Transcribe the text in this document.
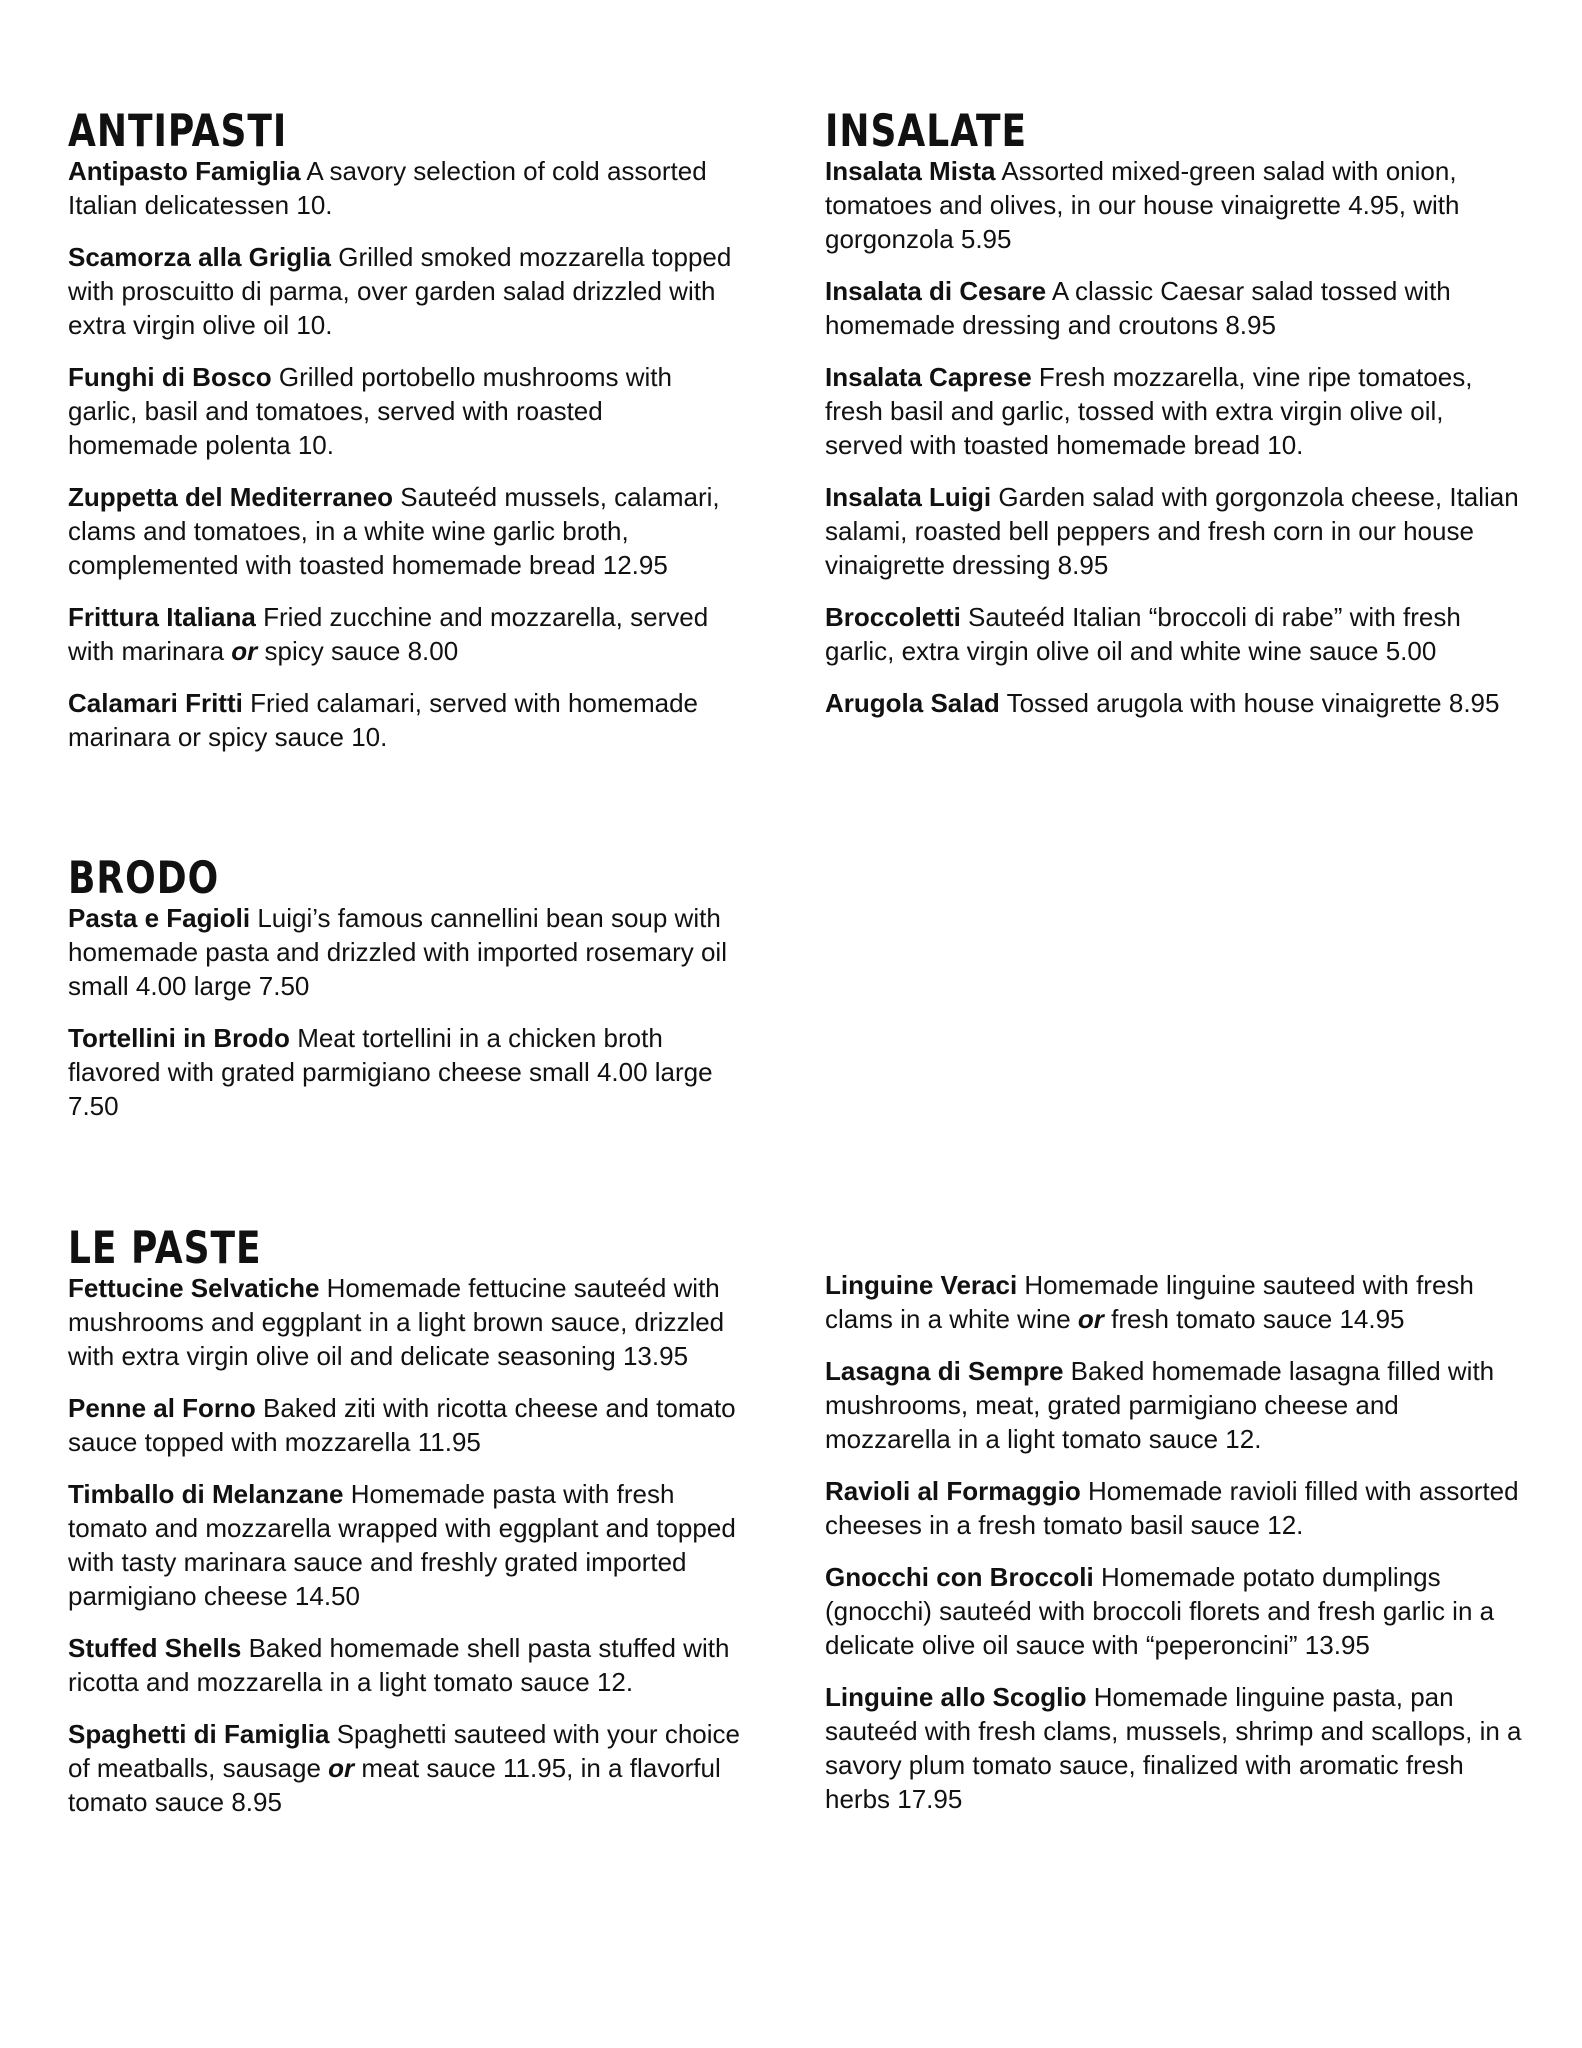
ANTIPASTI

Antipasto Famiglia A savory selection of cold assorted Italian delicatessen 10.

Scamorza alla Griglia Grilled smoked mozzarella topped with proscuitto di parma, over garden salad drizzled with extra virgin olive oil 10.

Funghi di Bosco Grilled portobello mushrooms with garlic, basil and tomatoes, served with roasted homemade polenta 10.

Zuppetta del Mediterraneo Sauteéd mussels, calamari, clams and tomatoes, in a white wine garlic broth, complemented with toasted homemade bread 12.95

Frittura Italiana Fried zucchine and mozzarella, served with marinara or spicy sauce 8.00

Calamari Fritti Fried calamari, served with homemade marinara or spicy sauce 10.

INSALATE

Insalata Mista Assorted mixed-green salad with onion, tomatoes and olives, in our house vinaigrette 4.95, with gorgonzola 5.95

Insalata di Cesare A classic Caesar salad tossed with homemade dressing and croutons 8.95

Insalata Caprese Fresh mozzarella, vine ripe tomatoes, fresh basil and garlic, tossed with extra virgin olive oil, served with toasted homemade bread 10.

Insalata Luigi Garden salad with gorgonzola cheese, Italian salami, roasted bell peppers and fresh corn in our house vinaigrette dressing 8.95

Broccoletti Sauteéd Italian “broccoli di rabe” with fresh garlic, extra virgin olive oil and white wine sauce 5.00

Arugola Salad Tossed arugola with house vinaigrette 8.95

BRODO

Pasta e Fagioli Luigi’s famous cannellini bean soup with homemade pasta and drizzled with imported rosemary oil small 4.00 large 7.50

Tortellini in Brodo Meat tortellini in a chicken broth flavored with grated parmigiano cheese small 4.00 large 7.50

LE PASTE

Fettucine Selvatiche Homemade fettucine sauteéd with mushrooms and eggplant in a light brown sauce, drizzled with extra virgin olive oil and delicate seasoning 13.95

Penne al Forno Baked ziti with ricotta cheese and tomato sauce topped with mozzarella 11.95

Timballo di Melanzane Homemade pasta with fresh tomato and mozzarella wrapped with eggplant and topped with tasty marinara sauce and freshly grated imported parmigiano cheese 14.50

Stuffed Shells Baked homemade shell pasta stuffed with ricotta and mozzarella in a light tomato sauce 12.

Spaghetti di Famiglia Spaghetti sauteed with your choice of meatballs, sausage or meat sauce 11.95, in a flavorful tomato sauce 8.95

Linguine Veraci Homemade linguine sauteed with fresh clams in a white wine or fresh tomato sauce 14.95

Lasagna di Sempre Baked homemade lasagna filled with mushrooms, meat, grated parmigiano cheese and mozzarella in a light tomato sauce 12.

Ravioli al Formaggio Homemade ravioli filled with assorted cheeses in a fresh tomato basil sauce 12.

Gnocchi con Broccoli Homemade potato dumplings (gnocchi) sauteéd with broccoli florets and fresh garlic in a delicate olive oil sauce with “peperoncini” 13.95

Linguine allo Scoglio Homemade linguine pasta, pan sauteéd with fresh clams, mussels, shrimp and scallops, in a savory plum tomato sauce, finalized with aromatic fresh herbs 17.95
